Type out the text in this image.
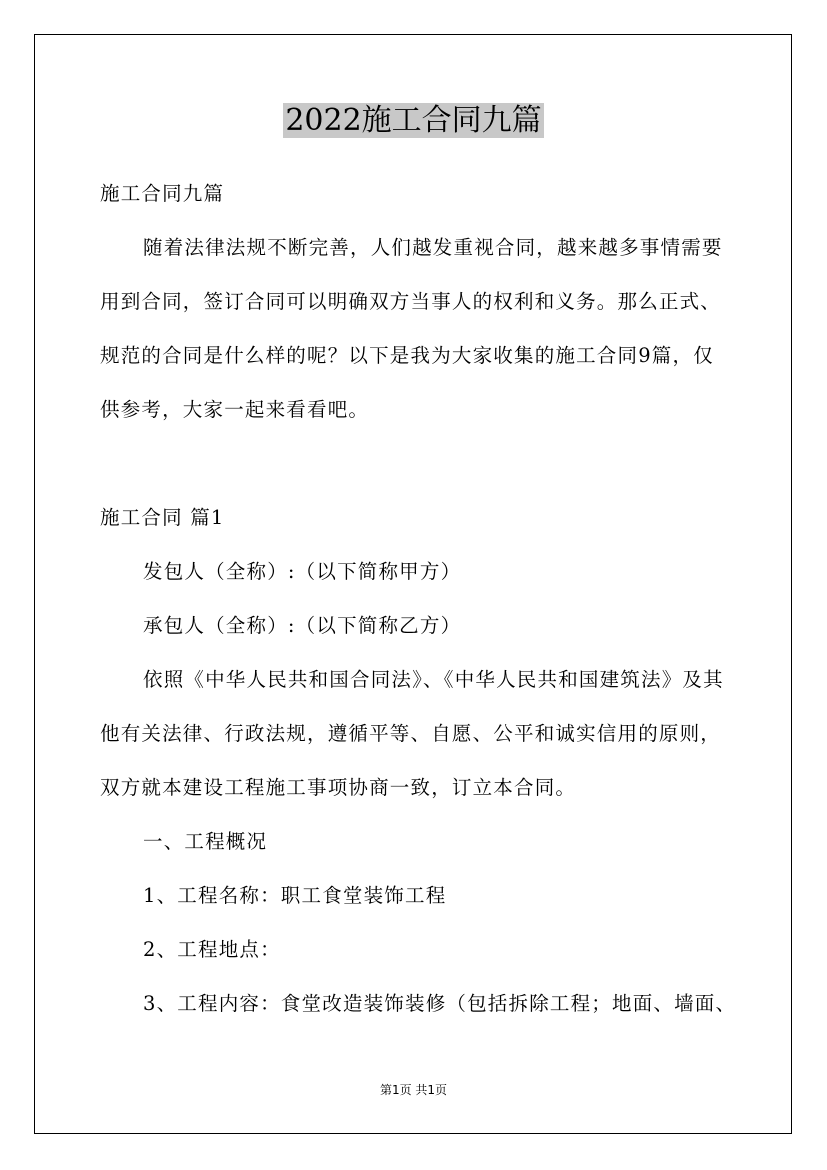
2022施工合同九篇

施工合同九篇

随着法律法规不断完善，人们越发重视合同，越来越多事情需要

用到合同，签订合同可以明确双方当事人的权利和义务。那么正式、

规范的合同是什么样的呢？以下是我为大家收集的施工合同9篇，仅

供参考，大家一起来看看吧。

施工合同 篇1

发包人（全称）:（以下简称甲方）

承包人（全称）:（以下简称乙方）

依照《中华人民共和国合同法》、《中华人民共和国建筑法》及其

他有关法律、行政法规，遵循平等、自愿、公平和诚实信用的原则，

双方就本建设工程施工事项协商一致，订立本合同。

一、工程概况

1、工程名称：职工食堂装饰工程

2、工程地点：

3、工程内容：食堂改造装饰装修（包括拆除工程；地面、墙面、

第1页 共1页
